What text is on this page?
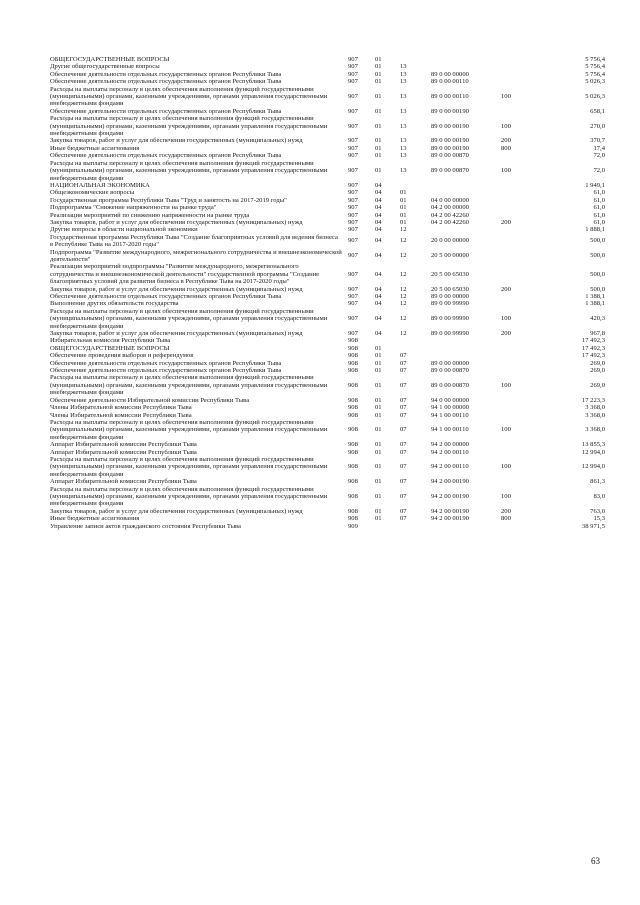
ОБЩЕГОСУДАРСТВЕННЫЕ ВОПРОСЫ	907	01				5 756,4
Другие общегосударственные вопросы	907	01	13			5 756,4
Обеспечение деятельности отдельных государственных органов Республики Тыва	907	01	13	89 0 00 00000		5 756,4
Обеспечение деятельности отдельных государственных органов Республики Тыва	907	01	13	89 0 00 00110		5 026,3
Расходы на выплаты персоналу в целях обеспечения выполнения функций государственными (муниципальными) органами, казенными учреждениями, органами управления государственными внебюджетными фондами	907	01	13	89 0 00 00110	100	5 026,3
Обеспечение деятельности отдельных государственных органов Республики Тыва	907	01	13	89 0 00 00190		658,1
Расходы на выплаты персоналу в целях обеспечения выполнения функций государственными (муниципальными) органами, казенными учреждениями, органами управления государственными внебюджетными фондами	907	01	13	89 0 00 00190	100	270,0
Закупка товаров, работ и услуг для обеспечения государственных (муниципальных) нужд	907	01	13	89 0 00 00190	200	370,7
Иные бюджетные ассигнования	907	01	13	89 0 00 00190	800	17,4
Обеспечение деятельности отдельных государственных органов Республики Тыва	907	01	13	89 0 00 00870		72,0
Расходы на выплаты персоналу в целях обеспечения выполнения функций государственными (муниципальными) органами, казенными учреждениями, органами управления государственными внебюджетными фондами	907	01	13	89 0 00 00870	100	72,0
НАЦИОНАЛЬНАЯ ЭКОНОМИКА	907	04				1 949,1
Общеэкономические вопросы	907	04	01			61,0
Государственная программа Республики Тыва "Труд и занятость на 2017-2019 годы"	907	04	01	04 0 00 00000		61,0
Подпрограмма "Снижение напряженности на рынке труда"	907	04	01	04 2 00 00000		61,0
Реализация мероприятий по снижению напряженности на рынке труда	907	04	01	04 2 00 42260		61,0
Закупка товаров, работ и услуг для обеспечения государственных (муниципальных) нужд	907	04	01	04 2 00 42260	200	61,0
Другие вопросы в области национальной экономики	907	04	12			1 888,1
Государственная программа Республики Тыва "Создание благоприятных условий для ведения бизнеса в Республике Тыва на 2017-2020 годы"	907	04	12	20 0 00 00000		500,0
Подпрограмма "Развитие международного, межрегионального сотрудничества и внешнеэкономической деятельности"	907	04	12	20 5 00 00000		500,0
Реализация мероприятий подпрограммы "Развитие международного, межрегионального сотрудничества и внешнеэкономической деятельности" государственной программы "Создание благоприятных условий для развития бизнеса в Республике Тыва на 2017-2020 годы"	907	04	12	20 5 00 65030		500,0
Закупка товаров, работ и услуг для обеспечения государственных (муниципальных) нужд	907	04	12	20 5 00 65030	200	500,0
Обеспечение деятельности отдельных государственных органов Республики Тыва	907	04	12	89 0 00 00000		1 388,1
Выполнение других обязательств государства	907	04	12	89 0 00 99990		1 388,1
Расходы на выплаты персоналу в целях обеспечения выполнения функций государственными (муниципальными) органами, казенными учреждениями, органами управления государственными внебюджетными фондами	907	04	12	89 0 00 99990	100	420,3
Закупка товаров, работ и услуг для обеспечения государственных (муниципальных) нужд	907	04	12	89 0 00 99990	200	967,8
Избирательная комиссия Республики Тыва	908					17 492,3
ОБЩЕГОСУДАРСТВЕННЫЕ ВОПРОСЫ	908	01				17 492,3
Обеспечение проведения выборов и референдумов	908	01	07			17 492,3
Обеспечение деятельности отдельных государственных органов Республики Тыва	908	01	07	89 0 00 00000		269,0
Обеспечение деятельности отдельных государственных органов Республики Тыва	908	01	07	89 0 00 00870		269,0
Расходы на выплаты персоналу в целях обеспечения выполнения функций государственными (муниципальными) органами, казенными учреждениями, органами управления государственными внебюджетными фондами	908	01	07	89 0 00 00870	100	269,0
Обеспечение деятельности Избирательной комиссии Республики Тыва	908	01	07	94 0 00 00000		17 223,3
Члены Избирательной комиссии Республики Тыва	908	01	07	94 1 00 00000		3 368,0
Члены Избирательной комиссии Республики Тыва	908	01	07	94 1 00 00110		3 368,0
Расходы на выплаты персоналу в целях обеспечения выполнения функций государственными (муниципальными) органами, казенными учреждениями, органами управления государственными внебюджетными фондами	908	01	07	94 1 00 00110	100	3 368,0
Аппарат Избирательной комиссии Республики Тыва	908	01	07	94 2 00 00000		13 855,3
Аппарат Избирательной комиссии Республики Тыва	908	01	07	94 2 00 00110		12 994,0
Расходы на выплаты персоналу в целях обеспечения выполнения функций государственными (муниципальными) органами, казенными учреждениями, органами управления государственными внебюджетными фондами	908	01	07	94 2 00 00110	100	12 994,0
Аппарат Избирательной комиссии Республики Тыва	908	01	07	94 2 00 00190		861,3
Расходы на выплаты персоналу в целях обеспечения выполнения функций государственными (муниципальными) органами, казенными учреждениями, органами управления государственными внебюджетными фондами	908	01	07	94 2 00 00190	100	83,0
Закупка товаров, работ и услуг для обеспечения государственных (муниципальных) нужд	908	01	07	94 2 00 00190	200	763,0
Иные бюджетные ассигнования	908	01	07	94 2 00 00190	800	15,3
Управление записи актов гражданского состояния Республики Тыва	909					38 971,5
63
